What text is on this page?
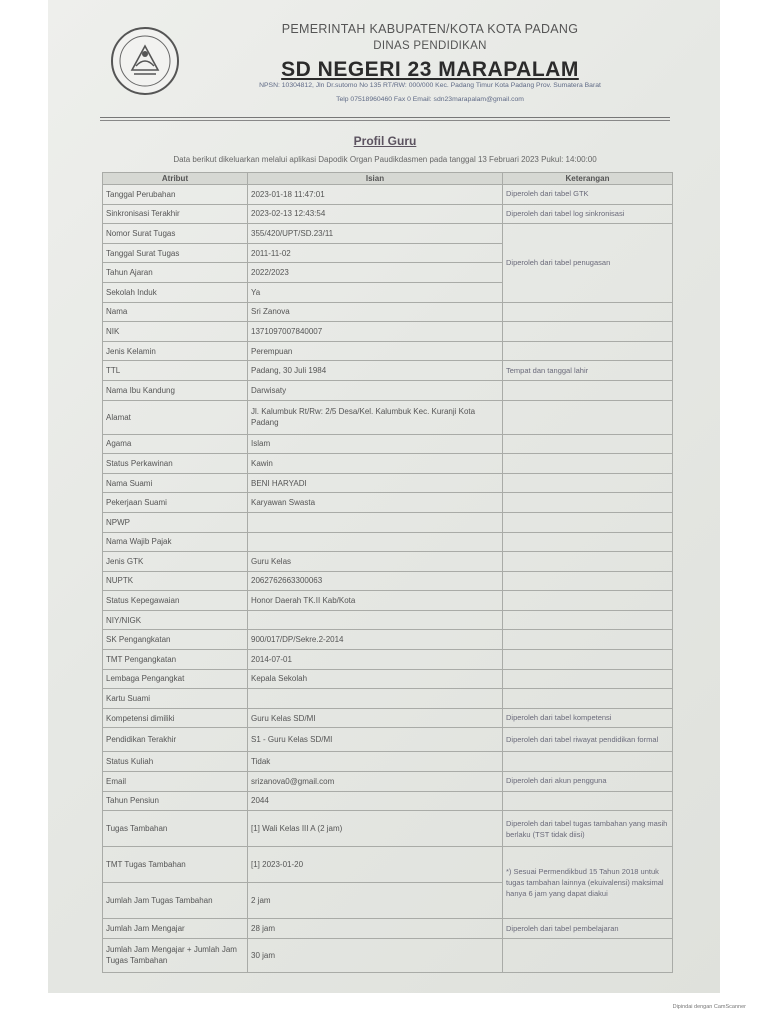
PEMERINTAH KABUPATEN/KOTA KOTA PADANG
DINAS PENDIDIKAN
SD NEGERI 23 MARAPALAM
NPSN: 10304812, Jln Dr.sutomo No 135 RT/RW: 000/000 Kec. Padang Timur Kota Padang Prov. Sumatera Barat
Telp 07518960460 Fax 0 Email: sdn23marapalam@gmail.com
Profil Guru
Data berikut dikeluarkan melalui aplikasi Dapodik Organ Paudikdasmen pada tanggal 13 Februari 2023 Pukul: 14:00:00
Atribut	Isian	Keterangan
Tanggal Perubahan	2023-01-18 11:47:01	Diperoleh dari tabel GTK
Sinkronisasi Terakhir	2023-02-13 12:43:54	Diperoleh dari tabel log sinkronisasi
Nomor Surat Tugas	355/420/UPT/SD.23/11	Diperoleh dari tabel penugasan
Tanggal Surat Tugas	2011-11-02	
Tahun Ajaran	2022/2023	
Sekolah Induk	Ya	
Nama	Sri Zanova	
NIK	1371097007840007	
Jenis Kelamin	Perempuan	
TTL	Padang, 30 Juli 1984	Tempat dan tanggal lahir
Nama Ibu Kandung	Darwisaty	
Alamat	Jl. Kalumbuk Rt/Rw: 2/5 Desa/Kel. Kalumbuk Kec. Kuranji Kota Padang	
Agama	Islam	
Status Perkawinan	Kawin	
Nama Suami	BENI HARYADI	
Pekerjaan Suami	Karyawan Swasta	
NPWP		
Nama Wajib Pajak		
Jenis GTK	Guru Kelas	
NUPTK	2062762663300063	
Status Kepegawaian	Honor Daerah TK.II Kab/Kota	
NIY/NIGK		
SK Pengangkatan	900/017/DP/Sekre.2-2014	
TMT Pengangkatan	2014-07-01	
Lembaga Pengangkat	Kepala Sekolah	
Kartu Suami		
Kompetensi dimiliki	Guru Kelas SD/MI	Diperoleh dari tabel kompetensi
Pendidikan Terakhir	S1 - Guru Kelas SD/MI	Diperoleh dari tabel riwayat pendidikan formal
Status Kuliah	Tidak	
Email	srizanova0@gmail.com	Diperoleh dari akun pengguna
Tahun Pensiun	2044	
Tugas Tambahan	[1] Wali Kelas III A (2 jam)	Diperoleh dari tabel tugas tambahan yang masih berlaku (TST tidak diisi)
TMT Tugas Tambahan	[1] 2023-01-20	*) Sesuai Permendikbud 15 Tahun 2018 untuk tugas tambahan lainnya (ekuivalensi) maksimal hanya 6 jam yang dapat diakui
Jumlah Jam Tugas Tambahan	2 jam	
Jumlah Jam Mengajar	28 jam	Diperoleh dari tabel pembelajaran
Jumlah Jam Mengajar + Jumlah Jam Tugas Tambahan	30 jam	
Dipindai dengan CamScanner
